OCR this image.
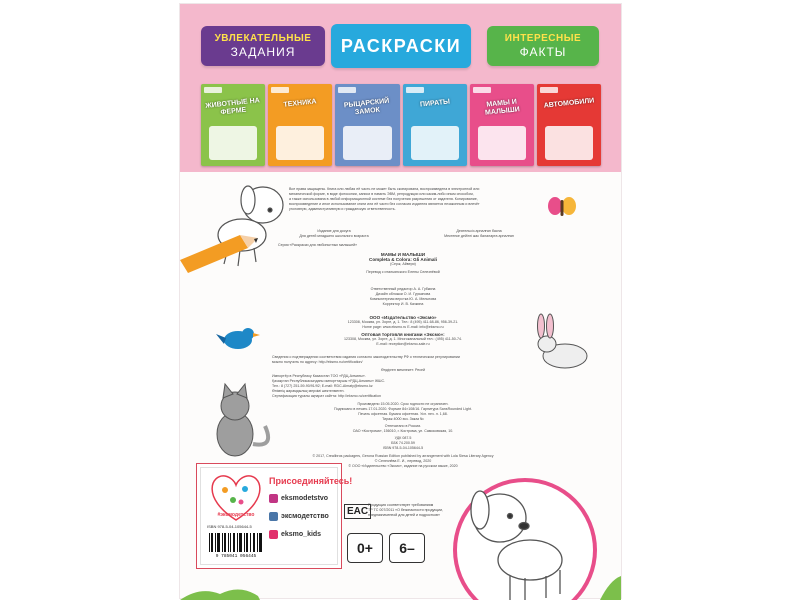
УВЛЕКАТЕЛЬНЫЕ
ЗАДАНИЯ	РАСКРАСКИ	ИНТЕРЕСНЫЕ
ФАКТЫ
ЖИВОТНЫЕ НА ФЕРМЕ
ТЕХНИКА	РЫЦАРСКИЙ ЗАМОК
ПИРАТЫ	МАМЫ И МАЛЫШИ
АВТОМОБИЛИ
Все права защищены. Книга или любая её часть не может быть скопирована, воспроизведена в электронной или
механической форме, в виде фотокопии, записи в память ЭВМ, репродукции или каким-либо иным способом,
а также использована в любой информационной системе без получения разрешения от издателя. Копирование,
воспроизведение и иное использование книги или её части без согласия издателя является незаконным и влечёт
уголовную, административную и гражданскую ответственность.
Издание для досуга
Для детей младшего школьного возраста
Деятельсіз арналған баспа
Мектепке дейінгі жас балаларға арналған
Серия «Раскраски для любопытных малышей»
МАМЫ И МАЛЫШИ
Completa & Colora: Gli Animali
(Серж, Айвери)
Перевод с итальянского Елены Селезнёвой
Ответственный редактор А. А. Губкина
Дизайн обложки О. И. Гурьянова
Компьютерная верстка Ю. А. Мельнова
Корректор И. В. Качкина
ООО «Издательство «Эксмо»
123308, Москва, ул. Зорге, д. 1. Тел.: 8 (495) 411-68-86, 956-39-21.
Home page: www.eksmo.ru E-mail: info@eksmo.ru
Оптовая торговля книгами «Эксмо»:
123308, Москва, ул. Зорге, д. 1. Многоканальный тел.: (495) 411-50-74.
E-mail: reception@eksmo-sale.ru
Сведения о подтверждении соответствия издания согласно законодательству РФ о техническом регулировании
можно получить по адресу: http://eksmo.ru/certification/
Өндірген мемлекет: Ресей
Импортёр в Республику Казахстан ТОО «РДЦ-Алматы».
Қазақстан Республикасындағы импорттаушы «РДЦ-Алматы» ЖШС.
Тел.: 8 (727) 251-59-90/91/92; E-mail: RDC-Almaty@eksmo.kz
Өнімнің жарамдылық мерзімі шектелмеген.
Сертификация туралы ақпарат сайтта: http://eksmo.ru/certification
Произведено 15.05.2020. Срок годности не ограничен.
Подписано в печать 17.01.2020. Формат 84×108/16. Гарнитура SansRounded Light.
Печать офсетная. Бумага офсетная. Усл. печ. л. 1,68.
Тираж 4000 экз. Заказ №
Отпечатано в России.
ОАО «Кострома», 156010, г. Кострома, ул. Самоковская, 10.
УДК 087.5
ББК 74.200.59
ISBN 978-5-04-105644-5
© 2017, Crealibros packagers, Gerona Russian Edition published by arrangement with Lola Siesa Literary Agency
© Селезнёва Е. И., перевод, 2020
© ООО «Издательство «Эксмо», издание на русском языке, 2020
#эксмодетство
Присоединяйтесь!
eksmodetstvo
эксмодетство
eksmo_kids
ISBN 978-5-04-105644-5
9 785041 056445
EAC
Продукция соответствует требованиям
ТР ТС 007/2011 «О безопасности продукции,
предназначенной для детей и подростков»
0+	6–
